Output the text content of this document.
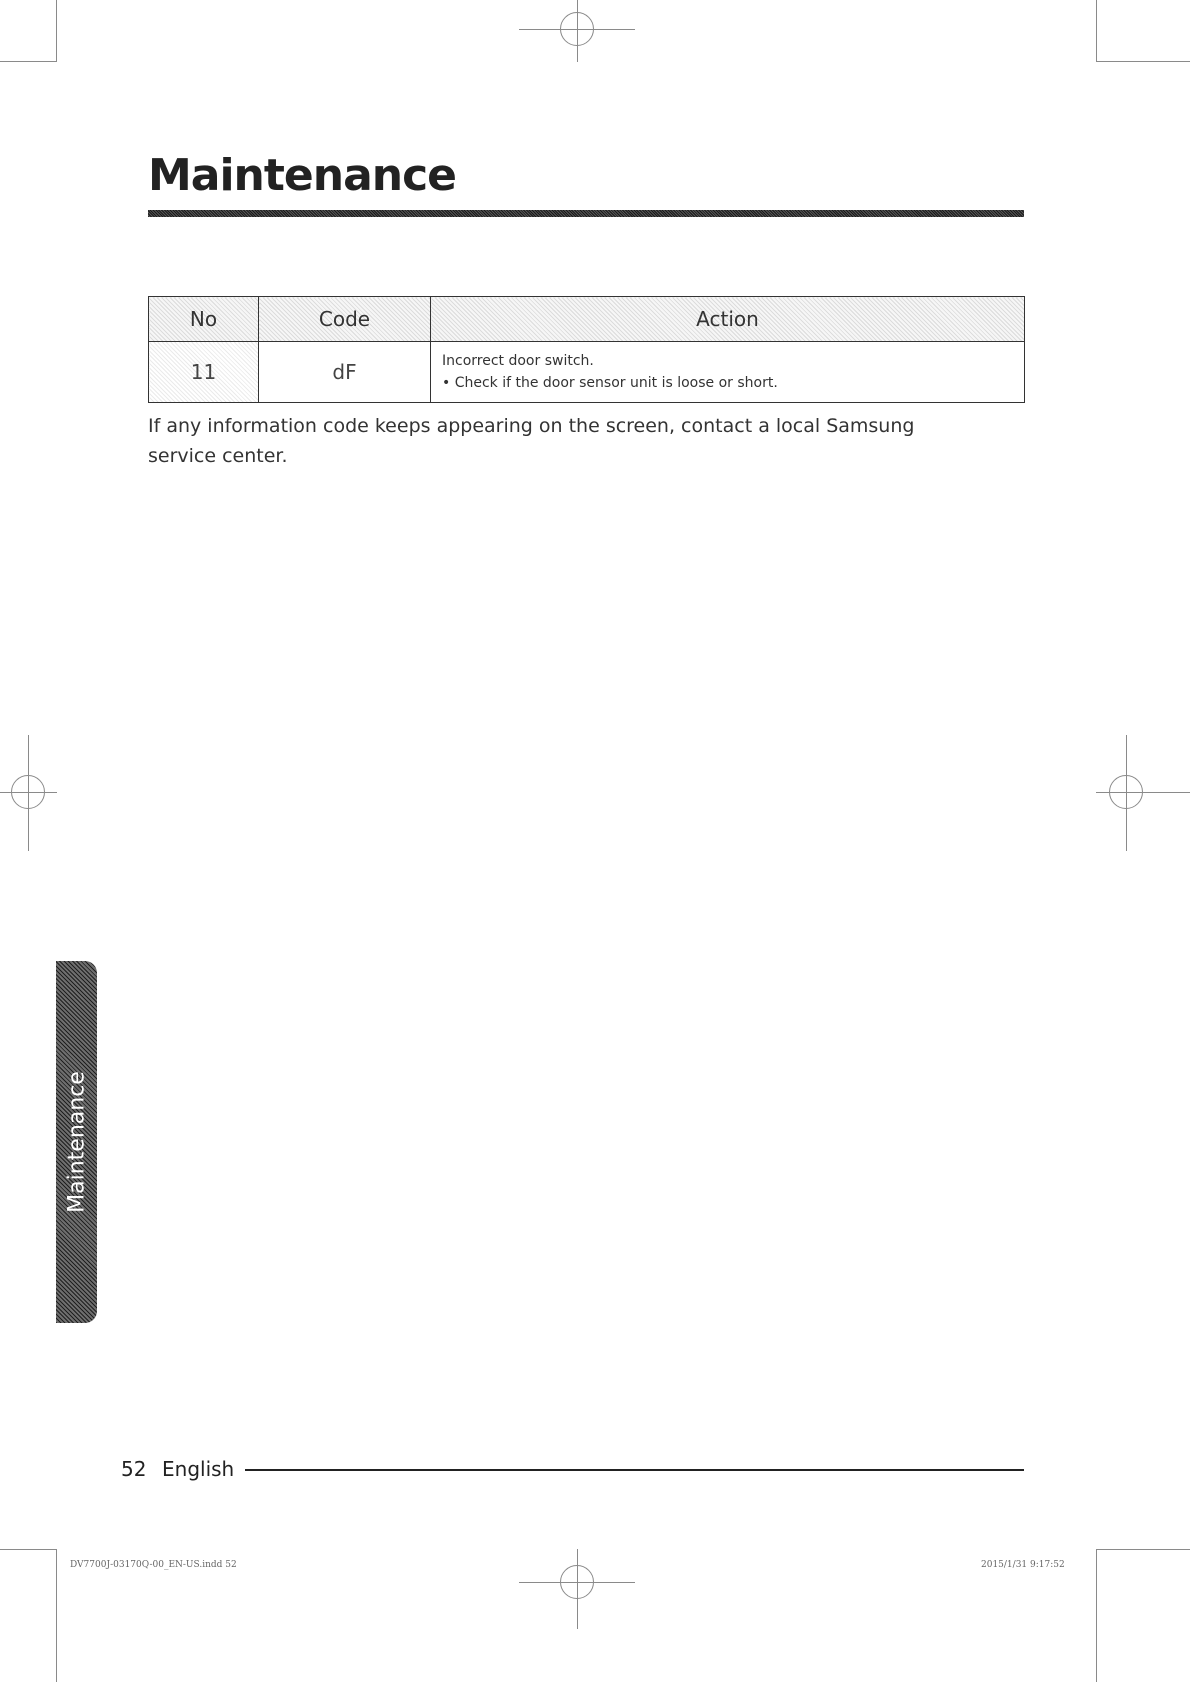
Maintenance
No	Code	Action
11	dF	Incorrect door switch.
• Check if the door sensor unit is loose or short.
If any information code keeps appearing on the screen, contact a local Samsung service center.
Maintenance
52 English
DV7700J-03170Q-00_EN-US.indd 52	2015/1/31 9:17:52
